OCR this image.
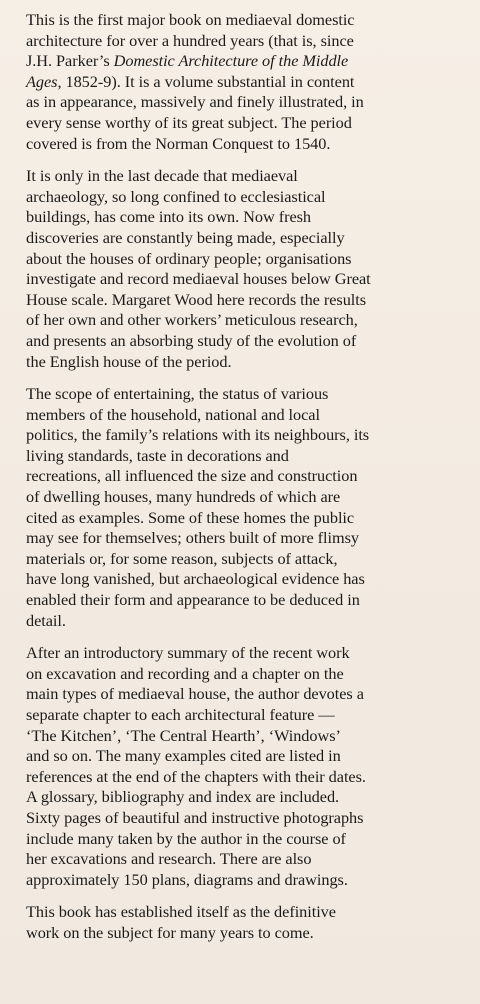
This is the first major book on mediaeval domestic
architecture for over a hundred years (that is, since
J.H. Parker’s Domestic Architecture of the Middle
Ages, 1852-9). It is a volume substantial in content
as in appearance, massively and finely illustrated, in
every sense worthy of its great subject. The period
covered is from the Norman Conquest to 1540.

It is only in the last decade that mediaeval
archaeology, so long confined to ecclesiastical
buildings, has come into its own. Now fresh
discoveries are constantly being made, especially
about the houses of ordinary people; organisations
investigate and record mediaeval houses below Great
House scale. Margaret Wood here records the results
of her own and other workers’ meticulous research,
and presents an absorbing study of the evolution of
the English house of the period.

The scope of entertaining, the status of various
members of the household, national and local
politics, the family’s relations with its neighbours, its
living standards, taste in decorations and
recreations, all influenced the size and construction
of dwelling houses, many hundreds of which are
cited as examples. Some of these homes the public
may see for themselves; others built of more flimsy
materials or, for some reason, subjects of attack,
have long vanished, but archaeological evidence has
enabled their form and appearance to be deduced in
detail.

After an introductory summary of the recent work
on excavation and recording and a chapter on the
main types of mediaeval house, the author devotes a
separate chapter to each architectural feature —
‘The Kitchen’, ‘The Central Hearth’, ‘Windows’
and so on. The many examples cited are listed in
references at the end of the chapters with their dates.
A glossary, bibliography and index are included.
Sixty pages of beautiful and instructive photographs
include many taken by the author in the course of
her excavations and research. There are also
approximately 150 plans, diagrams and drawings.

This book has established itself as the definitive
work on the subject for many years to come.
